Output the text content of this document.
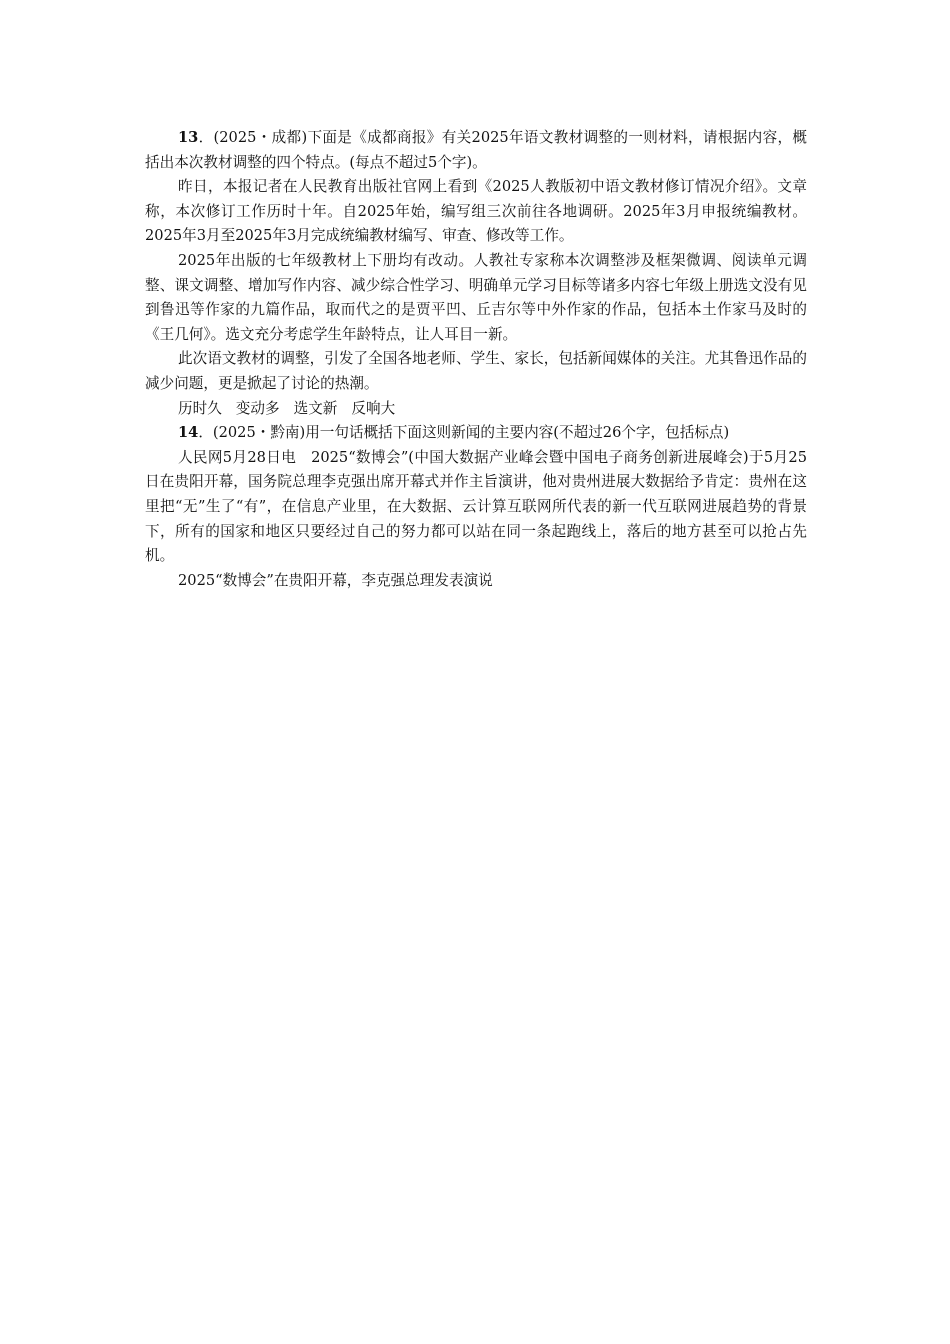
13．(2025・成都)下面是《成都商报》有关2025年语文教材调整的一则材料，请根据内容，概括出本次教材调整的四个特点。(每点不超过5个字)。

昨日，本报记者在人民教育出版社官网上看到《2025人教版初中语文教材修订情况介绍》。文章称，本次修订工作历时十年。自2025年始，编写组三次前往各地调研。2025年3月申报统编教材。2025年3月至2025年3月完成统编教材编写、审查、修改等工作。

2025年出版的七年级教材上下册均有改动。人教社专家称本次调整涉及框架微调、阅读单元调整、课文调整、增加写作内容、减少综合性学习、明确单元学习目标等诸多内容七年级上册选文没有见到鲁迅等作家的九篇作品，取而代之的是贾平凹、丘吉尔等中外作家的作品，包括本土作家马及时的《王几何》。选文充分考虑学生年龄特点，让人耳目一新。

此次语文教材的调整，引发了全国各地老师、学生、家长，包括新闻媒体的关注。尤其鲁迅作品的减少问题，更是掀起了讨论的热潮。

历时久 变动多 选文新 反响大

14．(2025・黔南)用一句话概括下面这则新闻的主要内容(不超过26个字，包括标点)

人民网5月28日电　2025“数博会”(中国大数据产业峰会暨中国电子商务创新进展峰会)于5月25日在贵阳开幕，国务院总理李克强出席开幕式并作主旨演讲，他对贵州进展大数据给予肯定：贵州在这里把“无”生了“有”，在信息产业里，在大数据、云计算互联网所代表的新一代互联网进展趋势的背景下，所有的国家和地区只要经过自己的努力都可以站在同一条起跑线上，落后的地方甚至可以抢占先机。

2025“数博会”在贵阳开幕，李克强总理发表演说
